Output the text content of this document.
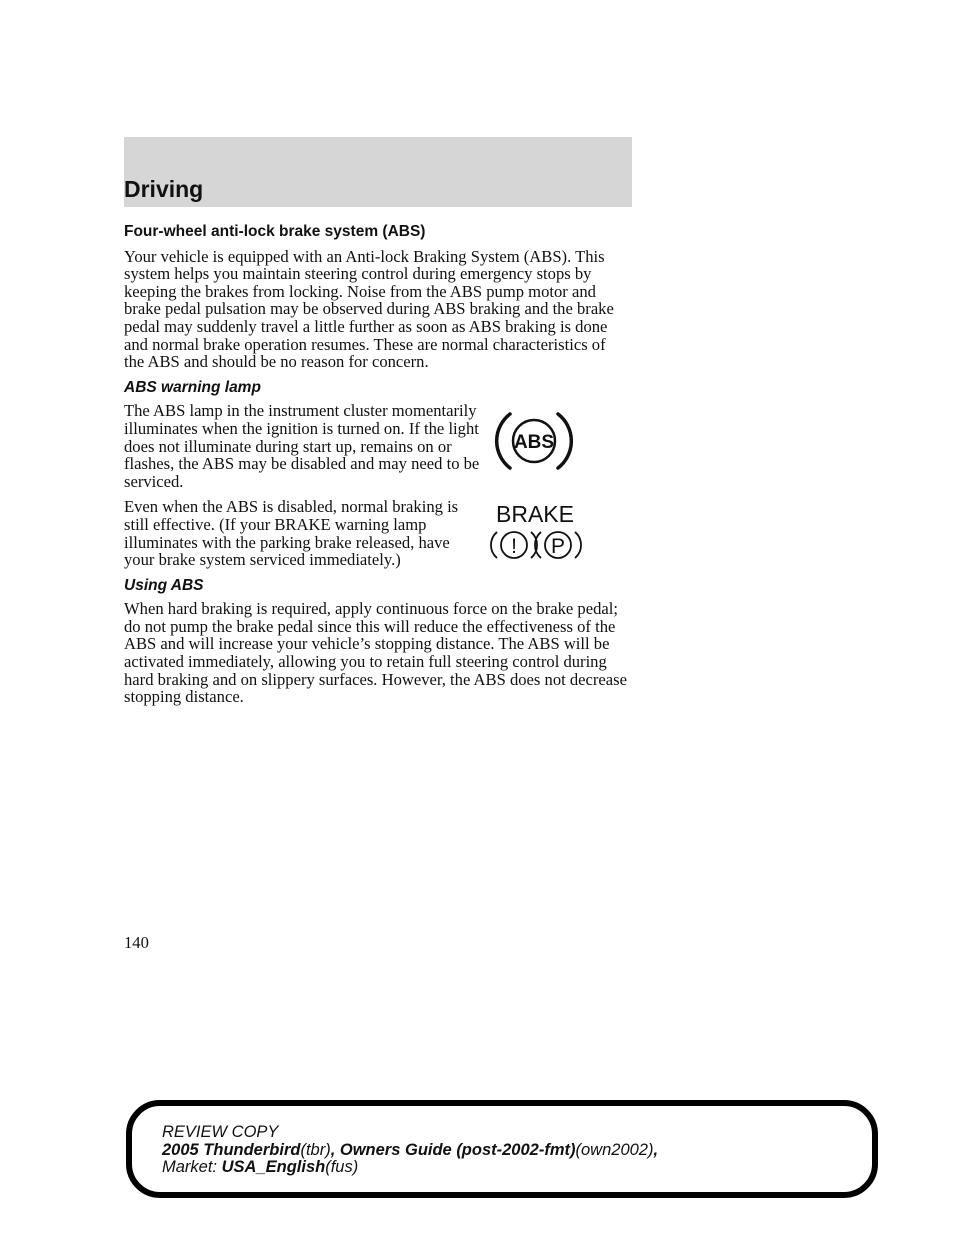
Driving
Four-wheel anti-lock brake system (ABS)

Your vehicle is equipped with an Anti-lock Braking System (ABS). This system helps you maintain steering control during emergency stops by keeping the brakes from locking. Noise from the ABS pump motor and brake pedal pulsation may be observed during ABS braking and the brake pedal may suddenly travel a little further as soon as ABS braking is done and normal brake operation resumes. These are normal characteristics of the ABS and should be no reason for concern.

ABS warning lamp
ABS

The ABS lamp in the instrument cluster momentarily illuminates when the ignition is turned on. If the light does not illuminate during start up, remains on or flashes, the ABS may be disabled and may need to be serviced.

BRAKE
! P

Even when the ABS is disabled, normal braking is still effective. (If your BRAKE warning lamp illuminates with the parking brake released, have your brake system serviced immediately.)

Using ABS

When hard braking is required, apply continuous force on the brake pedal; do not pump the brake pedal since this will reduce the effectiveness of the ABS and will increase your vehicle’s stopping distance. The ABS will be activated immediately, allowing you to retain full steering control during hard braking and on slippery surfaces. However, the ABS does not decrease stopping distance.

140
REVIEW COPY
2005 Thunderbird(tbr), Owners Guide (post-2002-fmt)(own2002),
Market: USA_English(fus)
